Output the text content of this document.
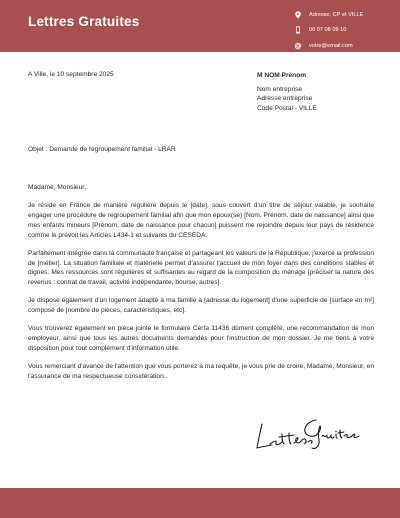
Lettres Gratuites	Adresse, CP et VILLE
06 07 08 09 10
votre@email.com
A Ville, le 10 septembre 2025	M NOM Prénom
Nom entreprise
Adresse entreprise
Code Postal - VILLE
Objet : Demande de regroupement familial - LRAR

Madame, Monsieur,

Je réside en France de manière régulière depuis le [date], sous couvert d'un titre de séjour valable, je souhaite engager une procédure de regroupement familial afin que mon époux(se) [Nom, Prénom, date de naissance] ainsi que mes enfants mineurs [Prénom, date de naissance pour chacun] puissent me rejoindre depuis leur pays de résidence comme le prévoit les Articles L434-1 et suivants du CESEDA.

Parfaitement intégrée dans la communauté française et partageant les valeurs de la République, j'exerce la profession de [métier]. La situation familiale et matérielle permet d'assurer l'accueil de mon foyer dans des conditions stables et dignes. Mes ressources sont régulières et suffisantes au regard de la composition du ménage [préciser la nature des revenus : contrat de travail, activité indépendante, bourse, autres].

Je dispose également d'un logement adapté à ma famille à [adresse du logement] d'une superficie de [surface en m²] composé de [nombre de pièces, caractéristiques, etc].

Vous trouverez également en pièce jointe le formulaire Cerfa 11436 dûment complété, une recommandation de mon employeur, ainsi que tous les autres documents demandés pour l'instruction de mon dossier. Je me tiens à votre disposition pour tout complément d'information utile.

Vous remerciant d'avance de l'attention que vous porterez à ma requête, je vous prie de croire, Madame, Monsieur, en l'assurance de ma respectueuse considération..
